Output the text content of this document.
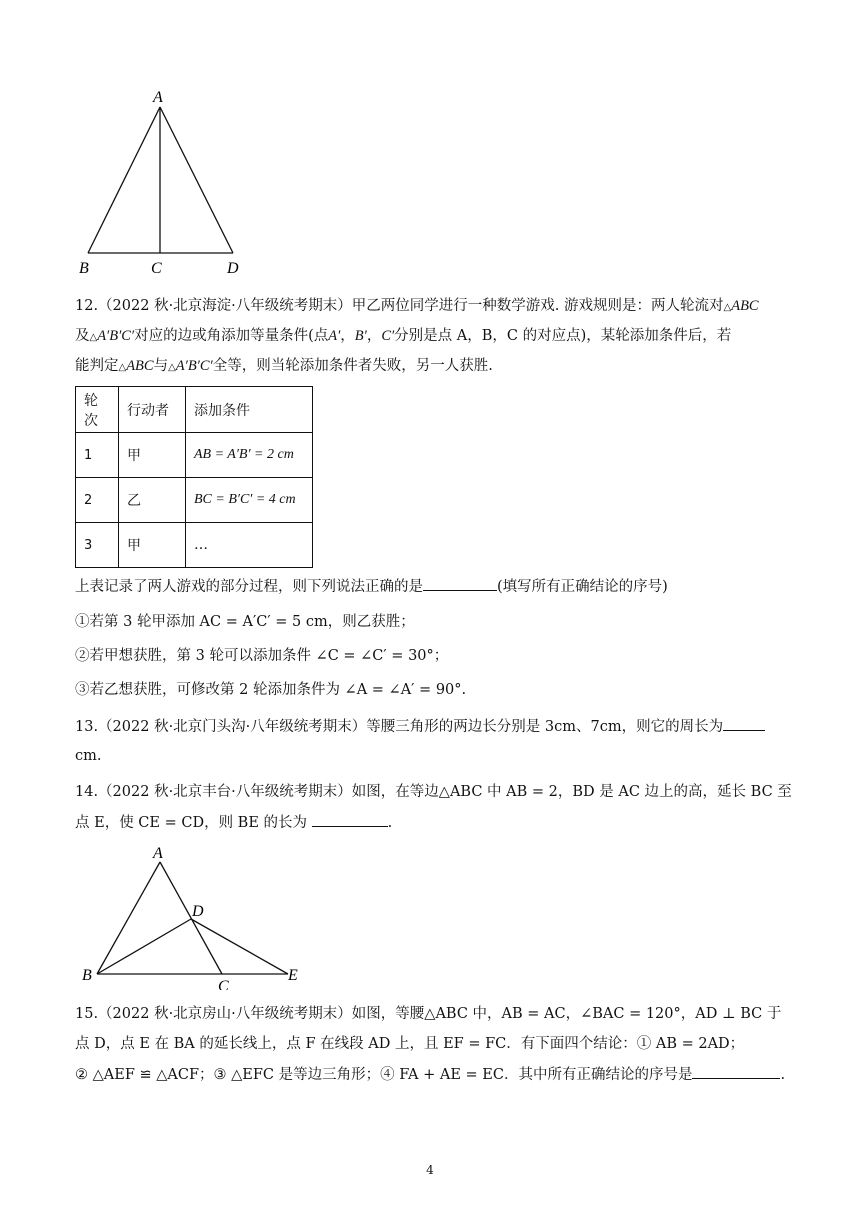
A
B	C	D
12.（2022 秋·北京海淀·八年级统考期末）甲乙两位同学进行一种数学游戏. 游戏规则是：两人轮流对△ABC
及△A′B′C′对应的边或角添加等量条件(点A′，B′，C′分别是点 A，B，C 的对应点)，某轮添加条件后，若
能判定△ABC与△A′B′C′全等，则当轮添加条件者失败，另一人获胜.
轮次	行动者	添加条件
1	甲	AB = A′B′ = 2 cm
2	乙	BC = B′C′ = 4 cm
3	甲	…
上表记录了两人游戏的部分过程，则下列说法正确的是	(填写所有正确结论的序号)
①若第 3 轮甲添加 AC = A′C′ = 5 cm，则乙获胜；
②若甲想获胜，第 3 轮可以添加条件 ∠C = ∠C′ = 30°；
③若乙想获胜，可修改第 2 轮添加条件为 ∠A = ∠A′ = 90°.
13.（2022 秋·北京门头沟·八年级统考期末）等腰三角形的两边长分别是 3cm、7cm，则它的周长为
cm.
14.（2022 秋·北京丰台·八年级统考期末）如图，在等边△ABC 中 AB = 2，BD 是 AC 边上的高，延长 BC 至
点 E，使 CE = CD，则 BE 的长为	.
A
B
C
D
E
15.（2022 秋·北京房山·八年级统考期末）如图，等腰△ABC 中，AB = AC，∠BAC = 120°，AD ⊥ BC 于
点 D，点 E 在 BA 的延长线上，点 F 在线段 AD 上，且 EF = FC．有下面四个结论：① AB = 2AD；
② △AEF ≌ △ACF；③ △EFC 是等边三角形；④ FA + AE = EC．其中所有正确结论的序号是	.
4
